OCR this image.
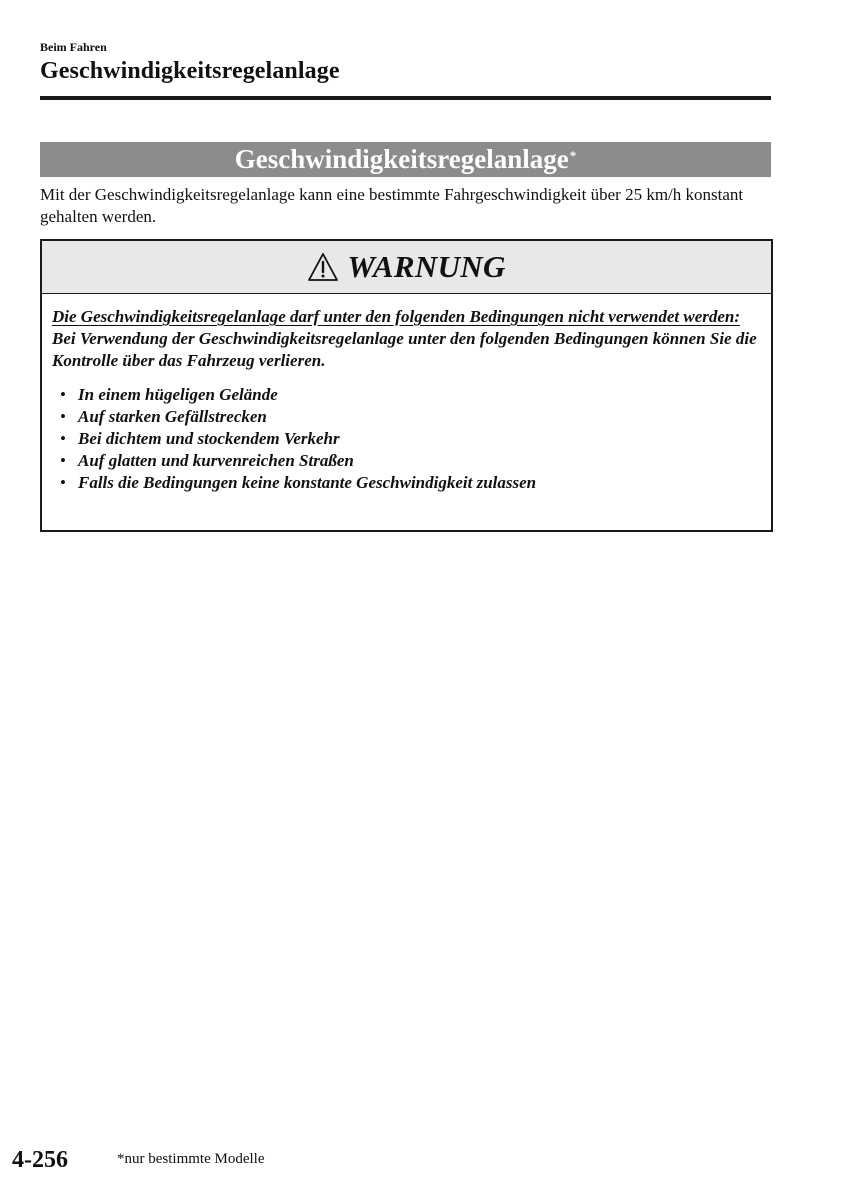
Beim Fahren
Geschwindigkeitsregelanlage
Geschwindigkeitsregelanlage*
Mit der Geschwindigkeitsregelanlage kann eine bestimmte Fahrgeschwindigkeit über 25 km/h konstant gehalten werden.
WARNUNG
Die Geschwindigkeitsregelanlage darf unter den folgenden Bedingungen nicht verwendet werden:
Bei Verwendung der Geschwindigkeitsregelanlage unter den folgenden Bedingungen können Sie die Kontrolle über das Fahrzeug verlieren.
• In einem hügeligen Gelände
• Auf starken Gefällstrecken
• Bei dichtem und stockendem Verkehr
• Auf glatten und kurvenreichen Straßen
• Falls die Bedingungen keine konstante Geschwindigkeit zulassen
4-256	*nur bestimmte Modelle
